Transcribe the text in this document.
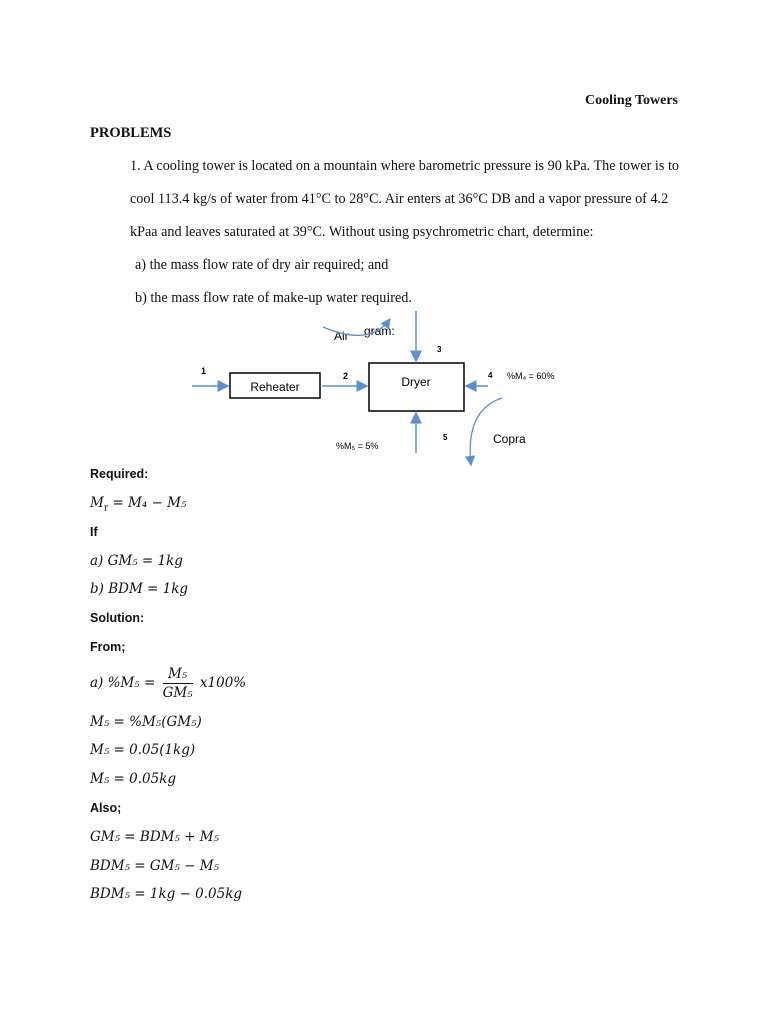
Cooling Towers
PROBLEMS
1. A cooling tower is located on a mountain where barometric pressure is 90 kPa. The tower is to
cool 113.4 kg/s of water from 41°C to 28°C. Air enters at 36°C DB and a vapor pressure of 4.2
kPaa and leaves saturated at 39°C. Without using psychrometric chart, determine:
a) the mass flow rate of dry air required; and
b) the mass flow rate of make-up water required.
1
Reheater
2	Dryer
3
Air gram:
4 %M₄ = 60%
5
%M₅ = 5%	Copra
Required:
$M_r = M_4 - M_5$
If
a) GM₅ = 1kg
b) BDM = 1kg
Solution:
From;
a) $\%M_5 = \frac{\text{M₅}}{\text{GM₅}} x100\%$
M₅ = %M₅(GM₅)
M₅ = 0.05(1kg)
M₅ = 0.05kg
Also;
GM₅ = BDM₅ + M₅
BDM₅ = GM₅ − M₅
BDM₅ = 1kg − 0.05kg
